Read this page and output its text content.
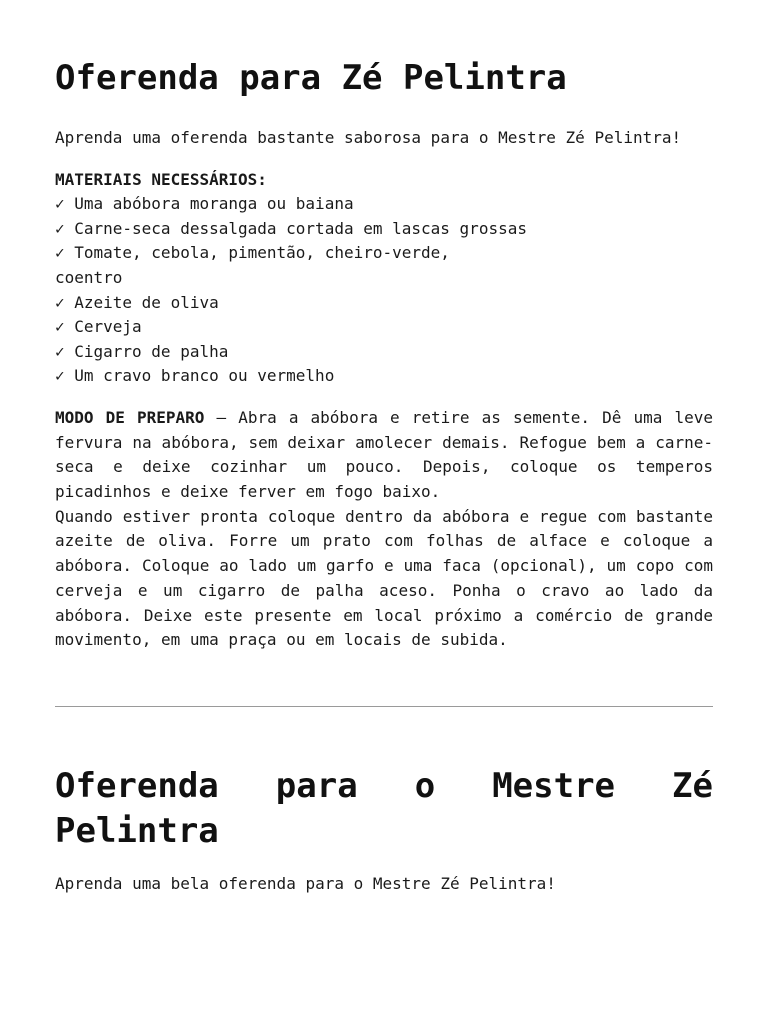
Oferenda para Zé Pelintra

Aprenda uma oferenda bastante saborosa para o Mestre Zé Pelintra!

MATERIAIS NECESSÁRIOS:
✓ Uma abóbora moranga ou baiana
✓ Carne-seca dessalgada cortada em lascas grossas
✓ Tomate, cebola, pimentão, cheiro-verde,
coentro
✓ Azeite de oliva
✓ Cerveja
✓ Cigarro de palha
✓ Um cravo branco ou vermelho

MODO DE PREPARO – Abra a abóbora e retire as semente. Dê uma leve fervura na abóbora, sem deixar amolecer demais. Refogue bem a carne-seca e deixe cozinhar um pouco. Depois, coloque os temperos picadinhos e deixe ferver em fogo baixo.

Quando estiver pronta coloque dentro da abóbora e regue com bastante azeite de oliva. Forre um prato com folhas de alface e coloque a abóbora. Coloque ao lado um garfo e uma faca (opcional), um copo com cerveja e um cigarro de palha aceso. Ponha o cravo ao lado da abóbora. Deixe este presente em local próximo a comércio de grande movimento, em uma praça ou em locais de subida.

Oferenda para o Mestre Zé Pelintra

Aprenda uma bela oferenda para o Mestre Zé Pelintra!
